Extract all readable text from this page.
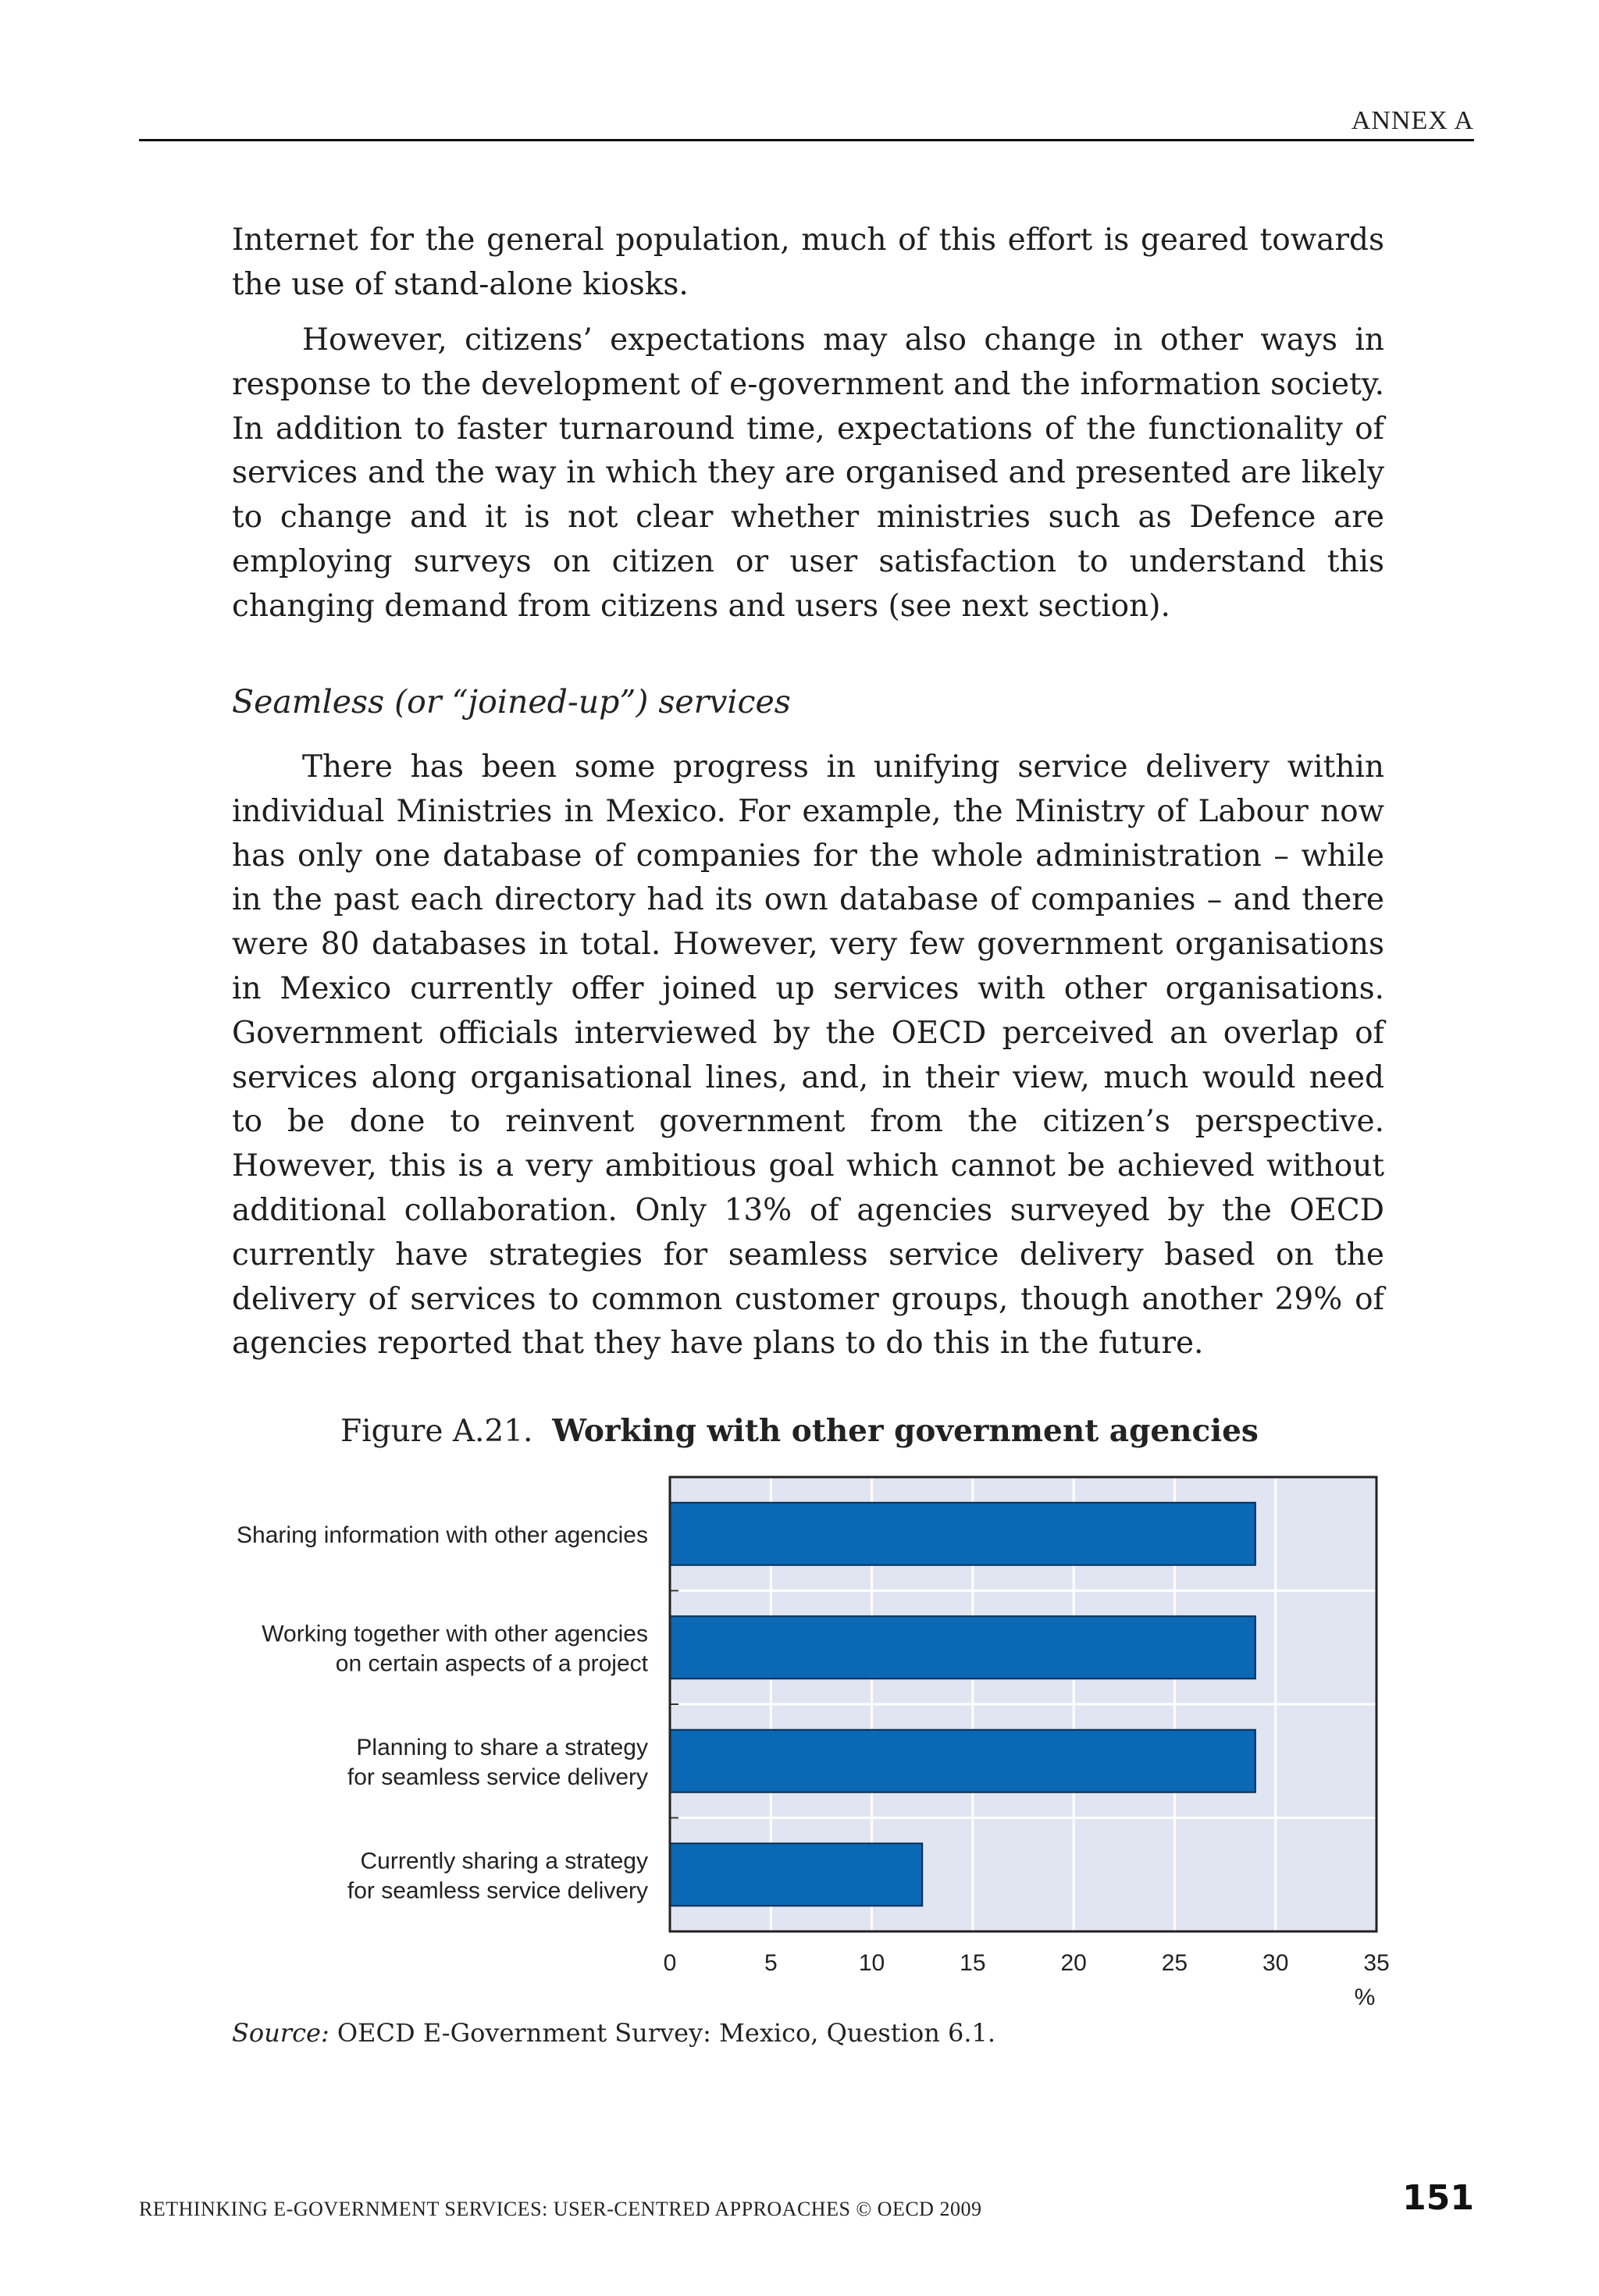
ANNEX A

Internet for the general population, much of this effort is geared towards the use of stand-alone kiosks.

However, citizens’ expectations may also change in other ways in response to the development of e-government and the information society. In addition to faster turnaround time, expectations of the functionality of services and the way in which they are organised and presented are likely to change and it is not clear whether ministries such as Defence are employing surveys on citizen or user satisfaction to understand this changing demand from citizens and users (see next section).

Seamless (or “joined-up”) services

There has been some progress in unifying service delivery within individual Ministries in Mexico. For example, the Ministry of Labour now has only one database of companies for the whole administration – while in the past each directory had its own database of companies – and there were 80 databases in total. However, very few government organisations in Mexico currently offer joined up services with other organisations. Government officials interviewed by the OECD perceived an overlap of services along organisational lines, and, in their view, much would need to be done to reinvent government from the citizen’s perspective. However, this is a very ambitious goal which cannot be achieved without additional collaboration. Only 13% of agencies surveyed by the OECD currently have strategies for seamless service delivery based on the delivery of services to common customer groups, though another 29% of agencies reported that they have plans to do this in the future.

Figure A.21. Working with other government agencies
Sharing information with other agencies
Working together with other agencies
on certain aspects of a project
Planning to share a strategy
for seamless service delivery
Currently sharing a strategy
for seamless service delivery
0	5	10	15	20	25	30	35
%
Source: OECD E-Government Survey: Mexico, Question 6.1.
RETHINKING E-GOVERNMENT SERVICES: USER-CENTRED APPROACHES © OECD 2009	151
